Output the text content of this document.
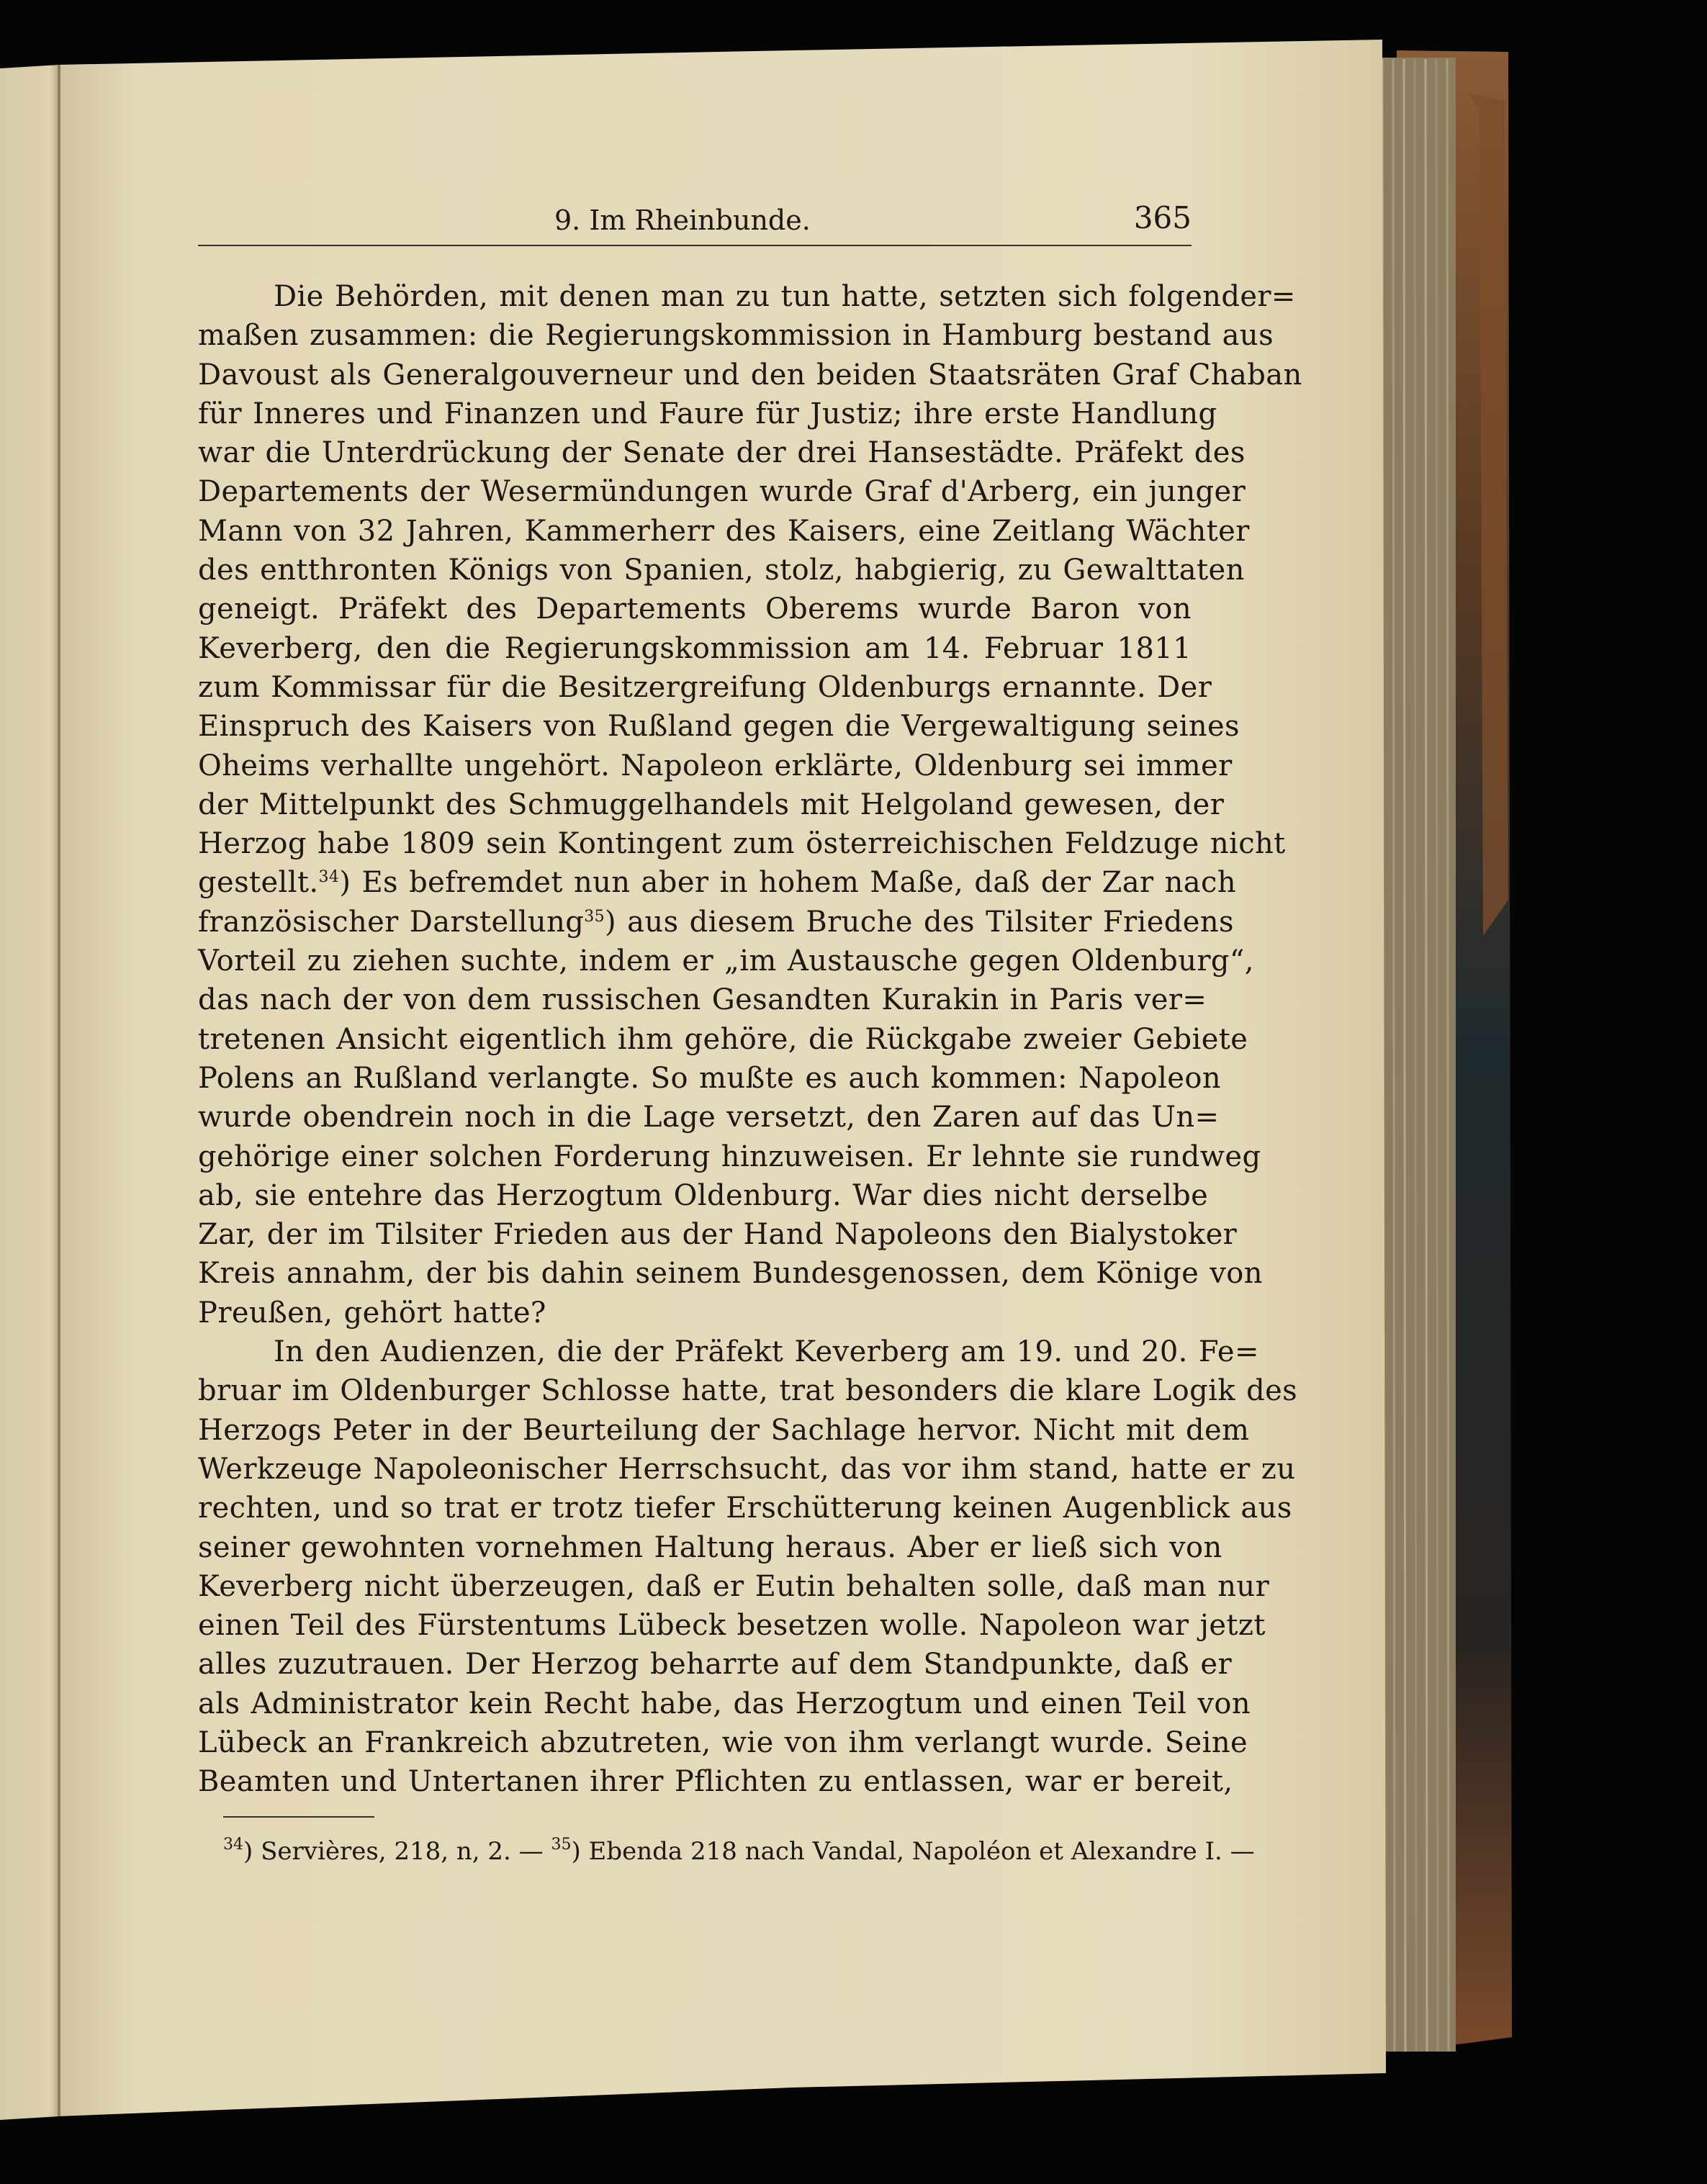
9. Im Rheinbunde.	365
Die Behörden, mit denen man zu tun hatte, setzten sich folgender=
maßen zusammen: die Regierungskommission in Hamburg bestand aus
Davoust als Generalgouverneur und den beiden Staatsräten Graf Chaban
für Inneres und Finanzen und Faure für Justiz; ihre erste Handlung
war die Unterdrückung der Senate der drei Hansestädte. Präfekt des
Departements der Wesermündungen wurde Graf d'Arberg, ein junger
Mann von 32 Jahren, Kammerherr des Kaisers, eine Zeitlang Wächter
des entthronten Königs von Spanien, stolz, habgierig, zu Gewalttaten
geneigt. Präfekt des Departements Oberems wurde Baron von
Keverberg, den die Regierungskommission am 14. Februar 1811
zum Kommissar für die Besitzergreifung Oldenburgs ernannte. Der
Einspruch des Kaisers von Rußland gegen die Vergewaltigung seines
Oheims verhallte ungehört. Napoleon erklärte, Oldenburg sei immer
der Mittelpunkt des Schmuggelhandels mit Helgoland gewesen, der
Herzog habe 1809 sein Kontingent zum österreichischen Feldzuge nicht
gestellt.$^{34}$) Es befremdet nun aber in hohem Maße, daß der Zar nach
französischer Darstellung$^{35}$) aus diesem Bruche des Tilsiter Friedens
Vorteil zu ziehen suchte, indem er „im Austausche gegen Oldenburg“,
das nach der von dem russischen Gesandten Kurakin in Paris ver=
tretenen Ansicht eigentlich ihm gehöre, die Rückgabe zweier Gebiete
Polens an Rußland verlangte. So mußte es auch kommen: Napoleon
wurde obendrein noch in die Lage versetzt, den Zaren auf das Un=
gehörige einer solchen Forderung hinzuweisen. Er lehnte sie rundweg
ab, sie entehre das Herzogtum Oldenburg. War dies nicht derselbe
Zar, der im Tilsiter Frieden aus der Hand Napoleons den Bialystoker
Kreis annahm, der bis dahin seinem Bundesgenossen, dem Könige von
Preußen, gehört hatte?
In den Audienzen, die der Präfekt Keverberg am 19. und 20. Fe=
bruar im Oldenburger Schlosse hatte, trat besonders die klare Logik des
Herzogs Peter in der Beurteilung der Sachlage hervor. Nicht mit dem
Werkzeuge Napoleonischer Herrschsucht, das vor ihm stand, hatte er zu
rechten, und so trat er trotz tiefer Erschütterung keinen Augenblick aus
seiner gewohnten vornehmen Haltung heraus. Aber er ließ sich von
Keverberg nicht überzeugen, daß er Eutin behalten solle, daß man nur
einen Teil des Fürstentums Lübeck besetzen wolle. Napoleon war jetzt
alles zuzutrauen. Der Herzog beharrte auf dem Standpunkte, daß er
als Administrator kein Recht habe, das Herzogtum und einen Teil von
Lübeck an Frankreich abzutreten, wie von ihm verlangt wurde. Seine
Beamten und Untertanen ihrer Pflichten zu entlassen, war er bereit,
$^{34}$) Servières, 218, n, 2. — $^{35}$) Ebenda 218 nach Vandal, Napoléon et Alexandre I. —
